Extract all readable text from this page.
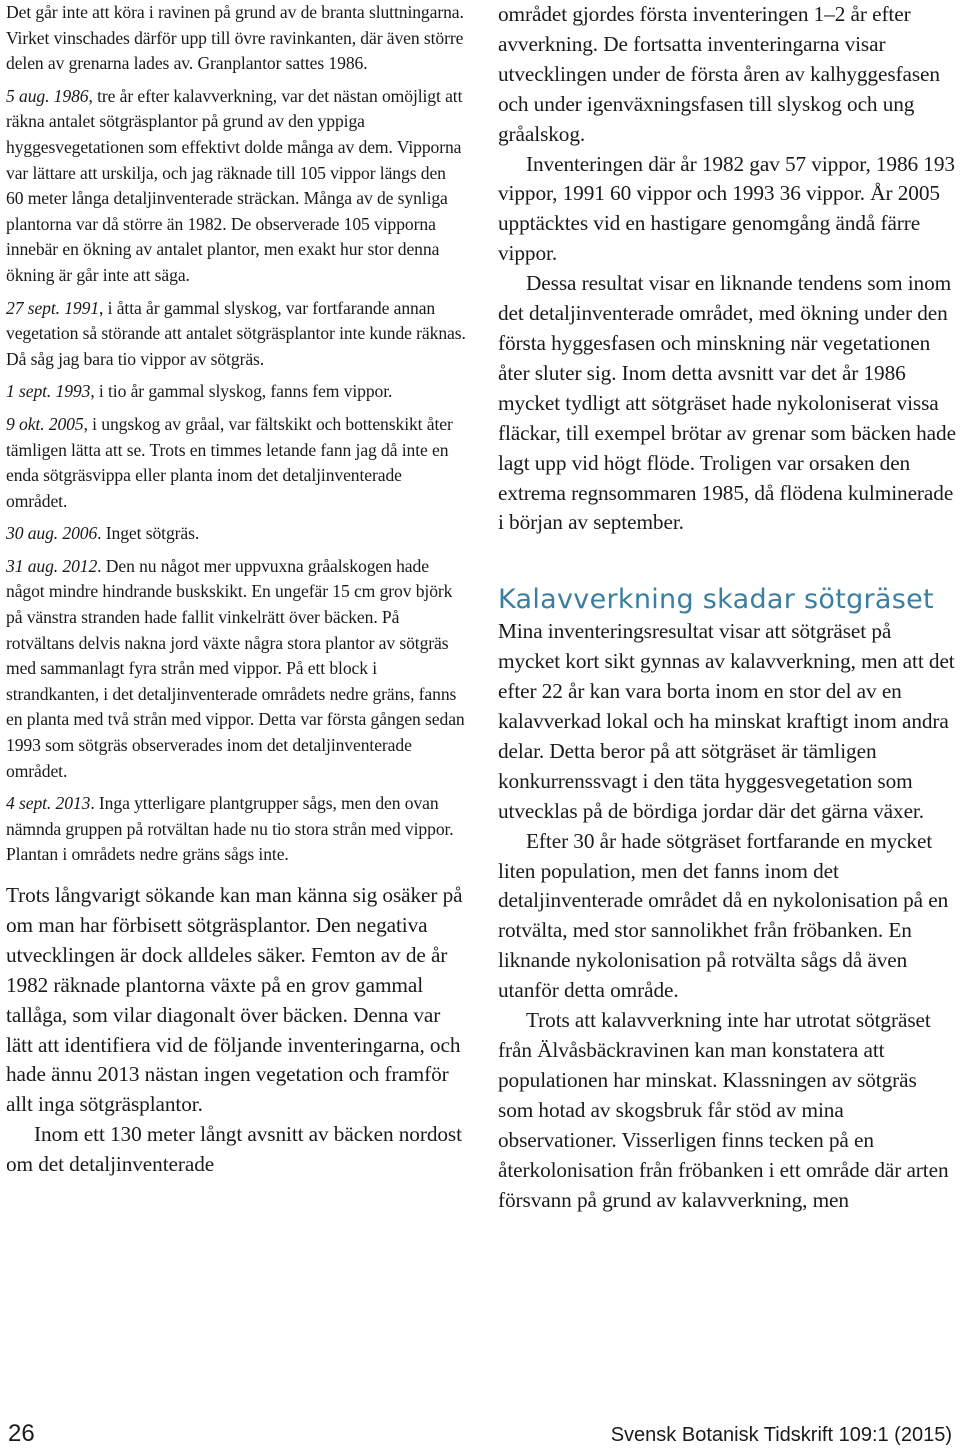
Det går inte att köra i ravinen på grund av de branta sluttningarna. Virket vinschades därför upp till övre ravinkanten, där även större delen av grenarna lades av. Granplantor sattes 1986.

5 aug. 1986, tre år efter kalavverkning, var det nästan omöjligt att räkna antalet sötgräsplantor på grund av den yppiga hyggesvegetationen som effektivt dolde många av dem. Vipporna var lättare att urskilja, och jag räknade till 105 vippor längs den 60 meter långa detaljinventerade sträckan. Många av de synliga plantorna var då större än 1982. De observerade 105 vipporna innebär en ökning av antalet plantor, men exakt hur stor denna ökning är går inte att säga.

27 sept. 1991, i åtta år gammal slyskog, var fortfarande annan vegetation så störande att antalet sötgräsplantor inte kunde räknas. Då såg jag bara tio vippor av sötgräs.

1 sept. 1993, i tio år gammal slyskog, fanns fem vippor.

9 okt. 2005, i ungskog av gråal, var fältskikt och bottenskikt åter tämligen lätta att se. Trots en timmes letande fann jag då inte en enda sötgräsvippa eller planta inom det detaljinventerade området.

30 aug. 2006. Inget sötgräs.

31 aug. 2012. Den nu något mer uppvuxna gråalskogen hade något mindre hindrande buskskikt. En ungefär 15 cm grov björk på vänstra stranden hade fallit vinkelrätt över bäcken. På rotvältans delvis nakna jord växte några stora plantor av sötgräs med sammanlagt fyra strån med vippor. På ett block i strandkanten, i det detaljinventerade områdets nedre gräns, fanns en planta med två strån med vippor. Detta var första gången sedan 1993 som sötgräs observerades inom det detaljinventerade området.

4 sept. 2013. Inga ytterligare plantgrupper sågs, men den ovan nämnda gruppen på rotvältan hade nu tio stora strån med vippor. Plantan i områdets nedre gräns sågs inte.

Trots långvarigt sökande kan man känna sig osäker på om man har förbisett sötgräsplantor. Den negativa utvecklingen är dock alldeles säker. Femton av de år 1982 räknade plantorna växte på en grov gammal tallåga, som vilar diagonalt över bäcken. Denna var lätt att identifiera vid de följande inventeringarna, och hade ännu 2013 nästan ingen vegetation och framför allt inga sötgräsplantor.

Inom ett 130 meter långt avsnitt av bäcken nordost om det detaljinventerade

området gjordes första inventeringen 1–2 år efter avverkning. De fortsatta inventeringarna visar utvecklingen under de första åren av kalhyggesfasen och under igenväxningsfasen till slyskog och ung gråalskog.

Inventeringen där år 1982 gav 57 vippor, 1986 193 vippor, 1991 60 vippor och 1993 36 vippor. År 2005 upptäcktes vid en hastigare genomgång ändå färre vippor.

Dessa resultat visar en liknande tendens som inom det detaljinventerade området, med ökning under den första hyggesfasen och minskning när vegetationen åter sluter sig. Inom detta avsnitt var det år 1986 mycket tydligt att sötgräset hade nykoloniserat vissa fläckar, till exempel brötar av grenar som bäcken hade lagt upp vid högt flöde. Troligen var orsaken den extrema regnsommaren 1985, då flödena kulminerade i början av september.

Kalavverkning skadar sötgräset

Mina inventeringsresultat visar att sötgräset på mycket kort sikt gynnas av kalavverkning, men att det efter 22 år kan vara borta inom en stor del av en kalavverkad lokal och ha minskat kraftigt inom andra delar. Detta beror på att sötgräset är tämligen konkurrenssvagt i den täta hyggesvegetation som utvecklas på de bördiga jordar där det gärna växer.

Efter 30 år hade sötgräset fortfarande en mycket liten population, men det fanns inom det detaljinventerade området då en nykolonisation på en rotvälta, med stor sannolikhet från fröbanken. En liknande nykolonisation på rotvälta sågs då även utanför detta område.

Trots att kalavverkning inte har utrotat sötgräset från Älvåsbäckravinen kan man konstatera att populationen har minskat. Klassningen av sötgräs som hotad av skogsbruk får stöd av mina observationer. Visserligen finns tecken på en återkolonisation från fröbanken i ett område där arten försvann på grund av kalavverkning, men

26	Svensk Botanisk Tidskrift 109:1 (2015)
